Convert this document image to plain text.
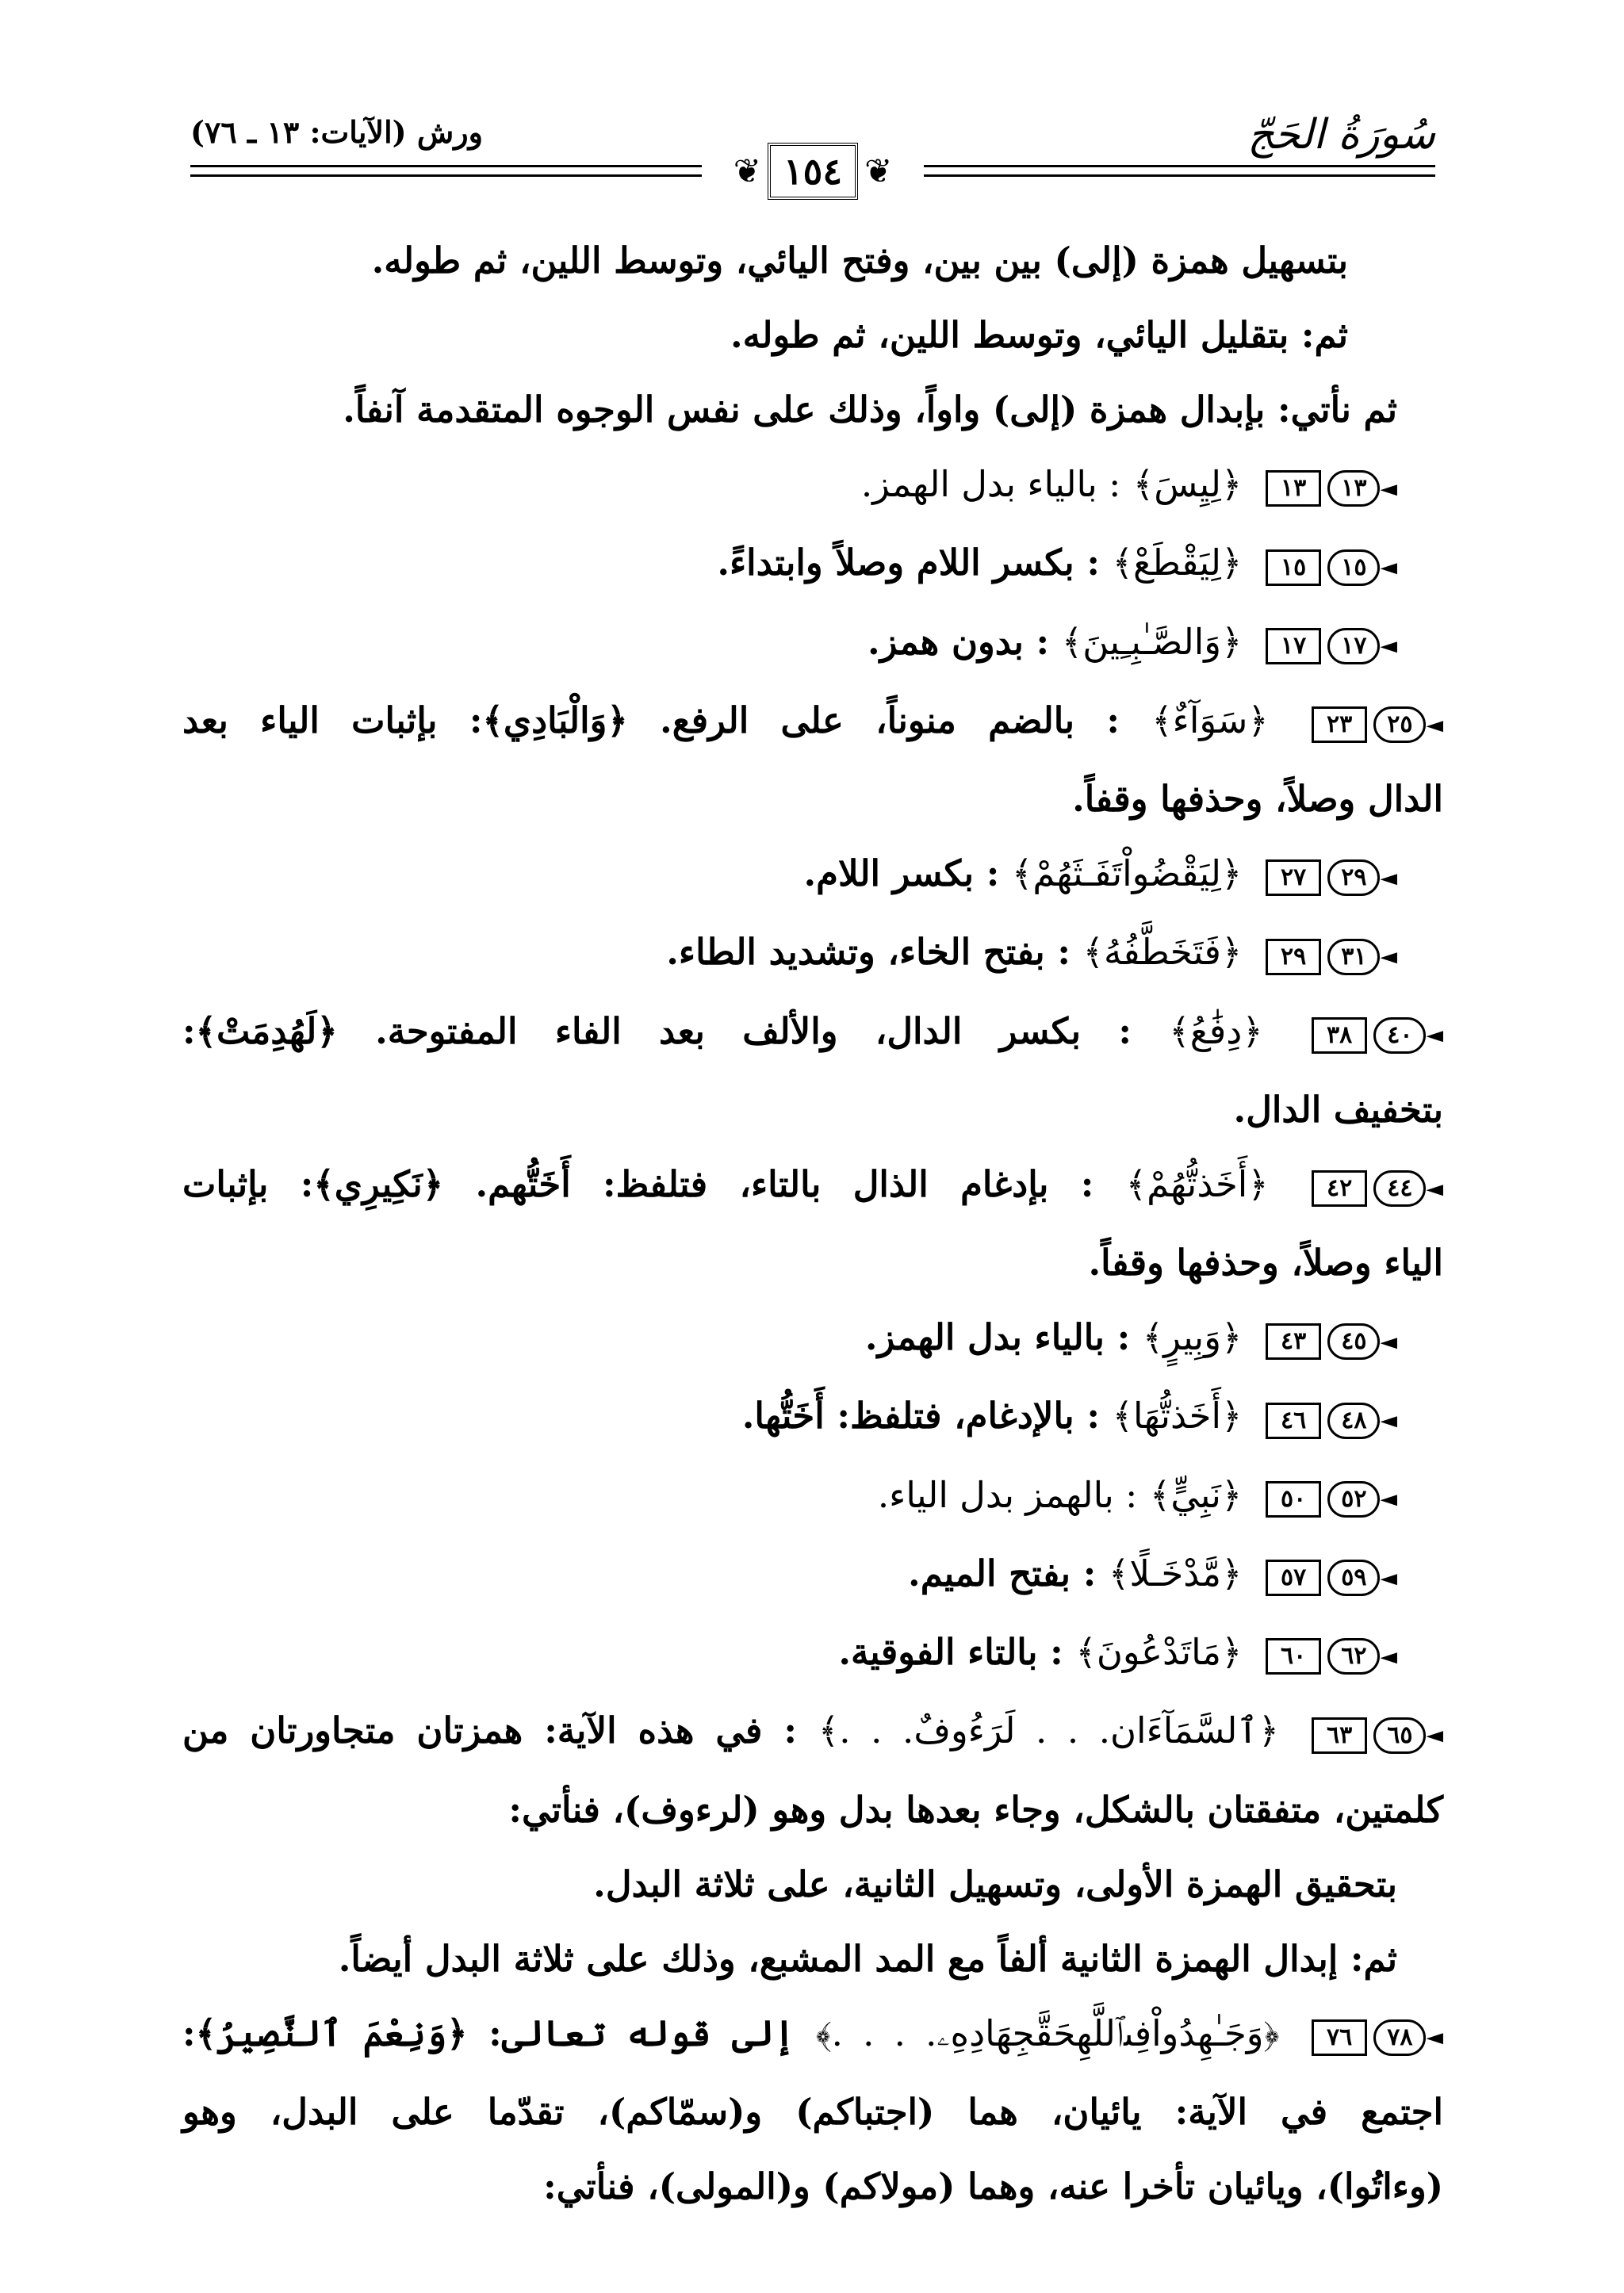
سُورَةُ الحَجّ
ورش (الآيات: ١٣ ـ ٧٦)
❦
١٥٤
❦
بتسهيل همزة (إلى) بين بين، وفتح اليائي، وتوسط اللين، ثم طوله.
ثم: بتقليل اليائي، وتوسط اللين، ثم طوله.
ثم نأتي: بإبدال همزة (إلى) واواً، وذلك على نفس الوجوه المتقدمة آنفاً.
◄١٣١٣ ﴿لِيِسَ﴾ : بالياء بدل الهمز.
◄١٥١٥ ﴿لِيَقْطَعْ﴾ : بكسر اللام وصلاً وابتداءً.
◄١٧١٧ ﴿وَالصَّـٰبِـِينَ﴾ : بدون همز.
◄٢٥٢٣ ﴿سَوَآءٌ﴾ : بالضم منوناً، على الرفع. ﴿وَالْبَادِي﴾: بإثبات الياء بعد
الدال وصلاً، وحذفها وقفاً.
◄٢٩٢٧ ﴿لِيَقْضُواْتَفَـثَهُمْ﴾ : بكسر اللام.
◄٣١٢٩ ﴿فَتَخَطَّفُهُ﴾ : بفتح الخاء، وتشديد الطاء.
◄٤٠٣٨ ﴿دِفَٰعُ﴾ : بكسر الدال، والألف بعد الفاء المفتوحة. ﴿لَهُدِمَتْ﴾:
بتخفيف الدال.
◄٤٤٤٢ ﴿أَخَذتُّهُمْ﴾ : بإدغام الذال بالتاء، فتلفظ: أَخَتُّهم. ﴿نَكِيرِي﴾: بإثبات
الياء وصلاً، وحذفها وقفاً.
◄٤٥٤٣ ﴿وَبِيرٍ﴾ : بالياء بدل الهمز.
◄٤٨٤٦ ﴿أَخَذتُّهَا﴾ : بالإدغام، فتلفظ: أَخَتُّها.
◄٥٢٥٠ ﴿نَبِيٍّ﴾ : بالهمز بدل الياء.
◄٥٩٥٧ ﴿مَّدْخَـلًا﴾ : بفتح الميم.
◄٦٢٦٠ ﴿مَاتَدْعُونَ﴾ : بالتاء الفوقية.
◄٦٥٦٣ ﴿ٱلسَّمَآءَان. . . لَرَءُوفٌ. . .﴾ : في هذه الآية: همزتان متجاورتان من
كلمتين، متفقتان بالشكل، وجاء بعدها بدل وهو (لرءوف)، فنأتي:
بتحقيق الهمزة الأولى، وتسهيل الثانية، على ثلاثة البدل.
ثم: إبدال الهمزة الثانية ألفاً مع المد المشبع، وذلك على ثلاثة البدل أيضاً.
◄٧٨٧٦ ﴿وَجَـٰهِدُواْفِىٱللَّهِحَقَّجِهَادِهِۦ. . . .﴾ إلى قوله تعالى: ﴿وَنِعْمَ ٱلنَّصِيرُ﴾:
اجتمع في الآية: يائيان، هما (اجتباكم) و(سمّاكم)، تقدّما على البدل، وهو
(وءاتُوا)، ويائيان تأخرا عنه، وهما (مولاكم) و(المولى)، فنأتي:
